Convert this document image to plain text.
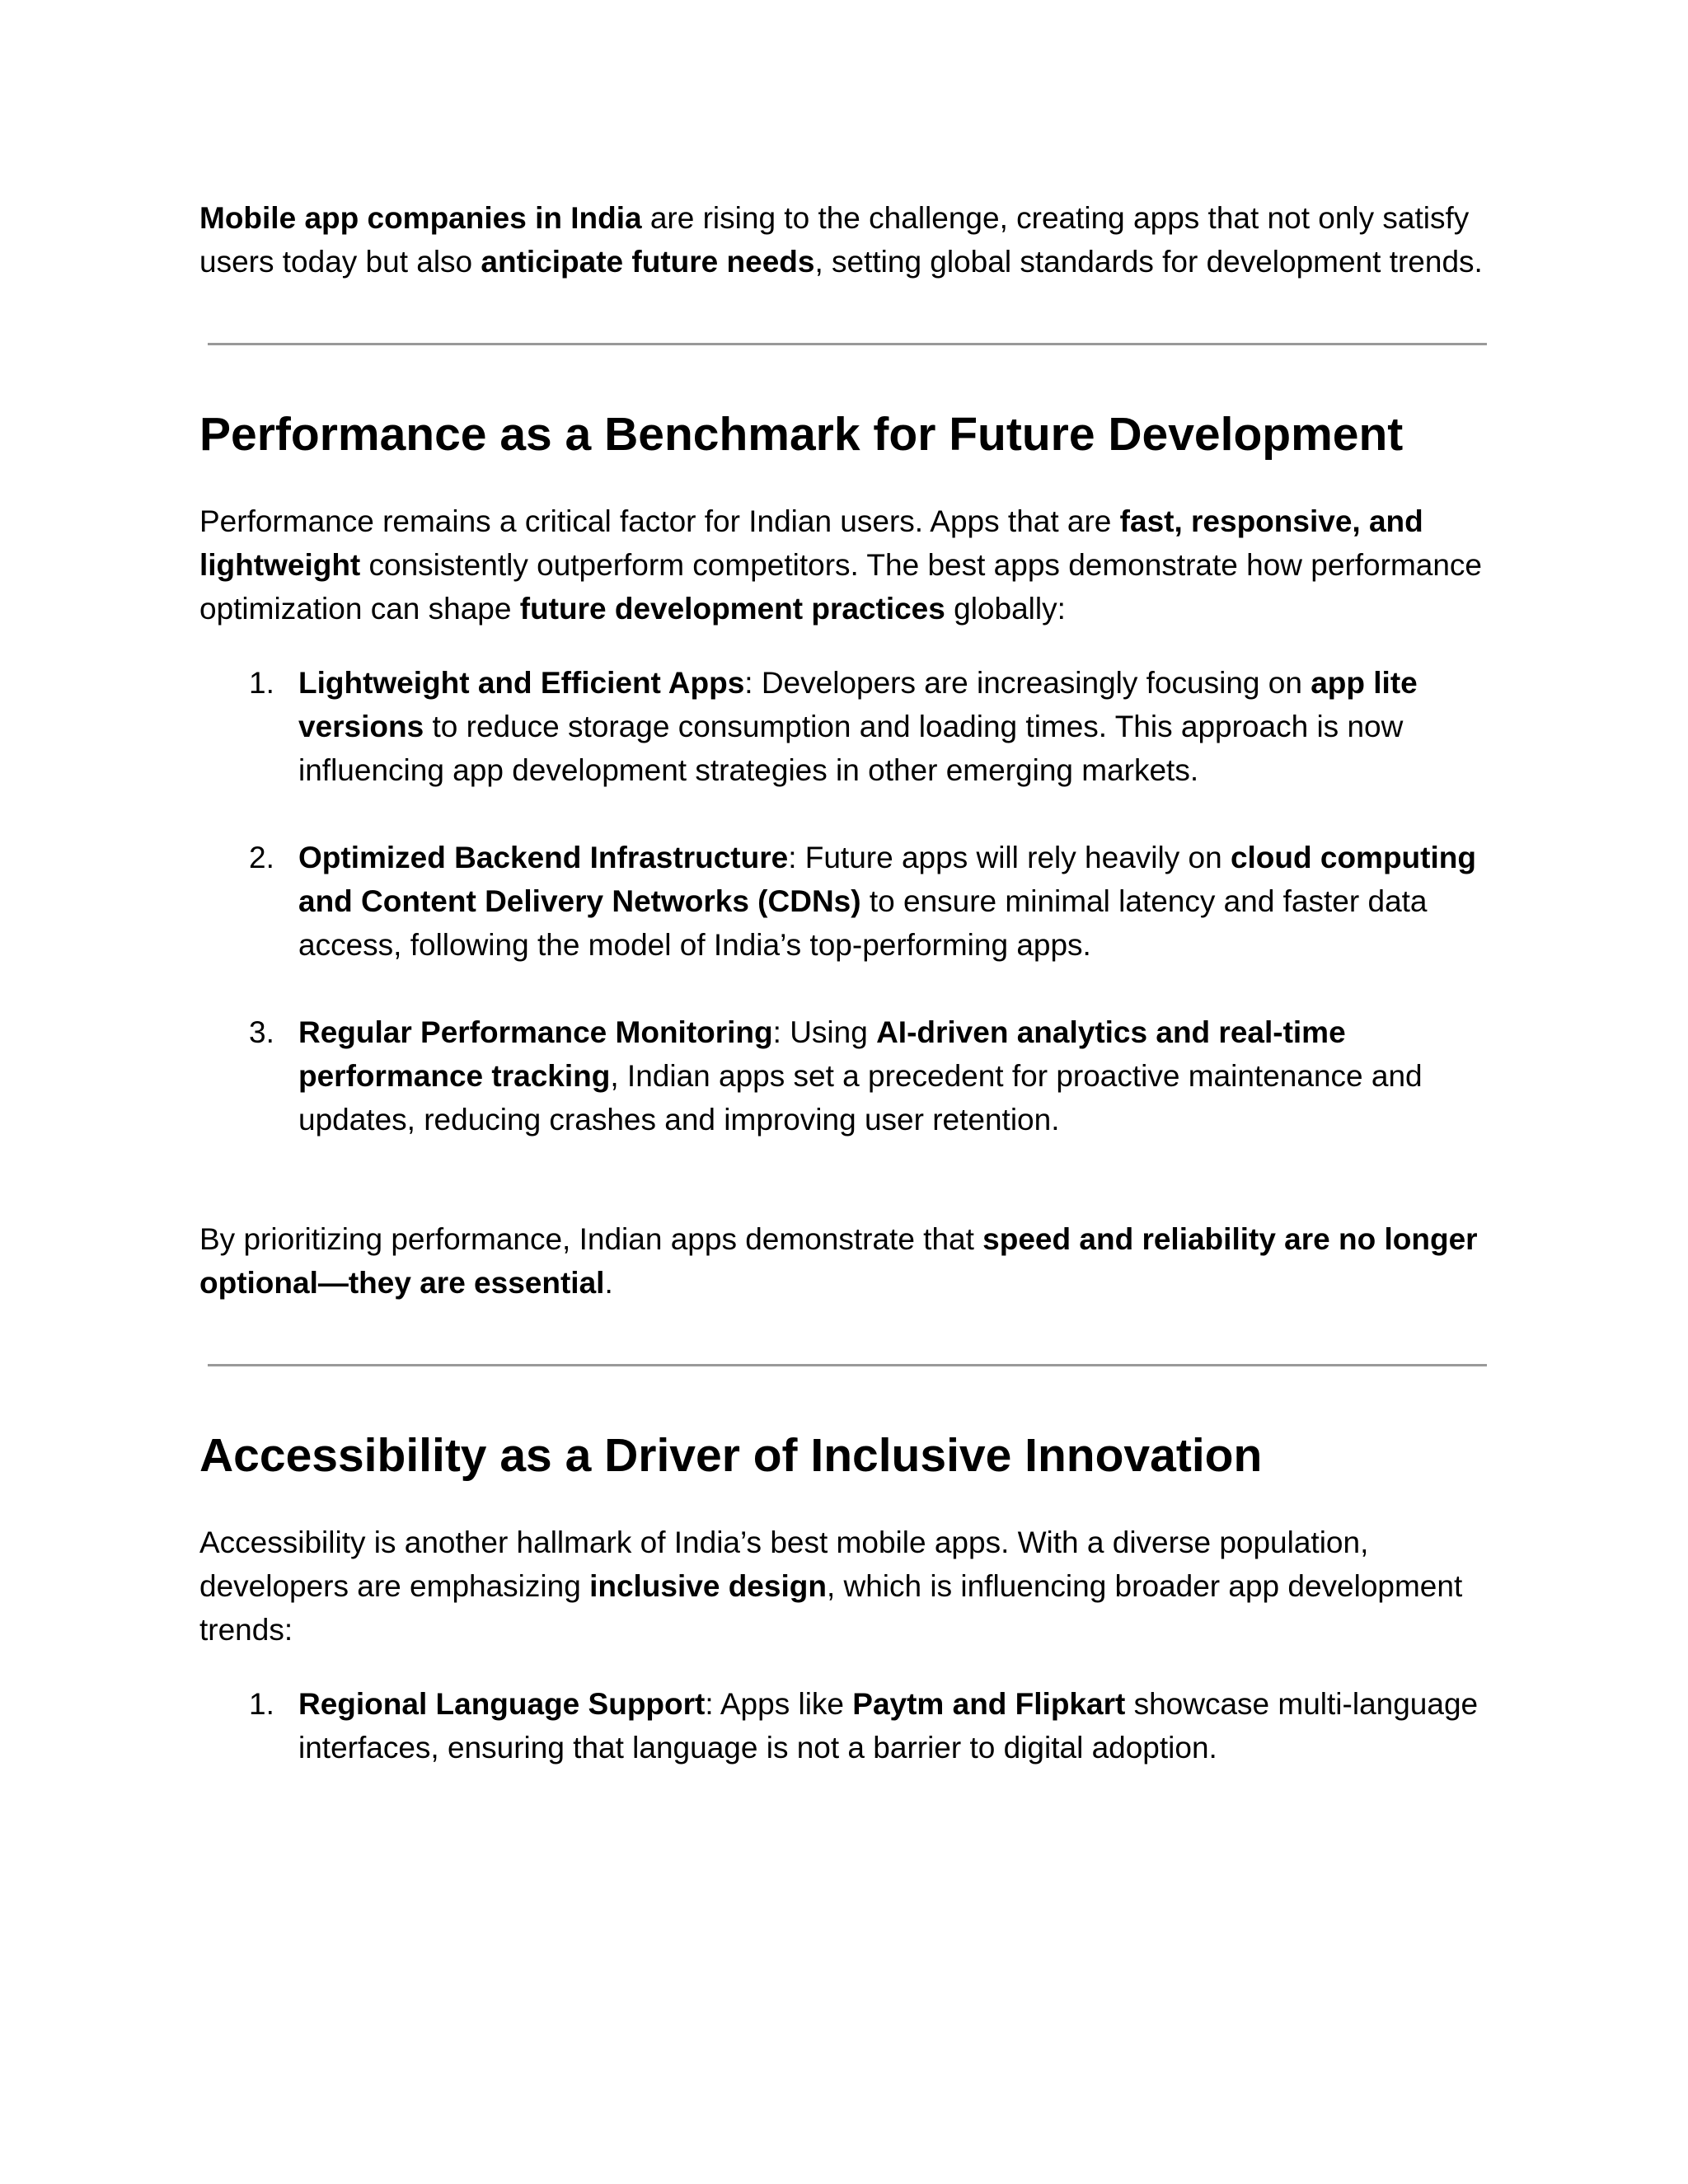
Mobile app companies in India are rising to the challenge, creating apps that not only satisfy users today but also anticipate future needs, setting global standards for development trends.

Performance as a Benchmark for Future Development

Performance remains a critical factor for Indian users. Apps that are fast, responsive, and lightweight consistently outperform competitors. The best apps demonstrate how performance optimization can shape future development practices globally:

1. Lightweight and Efficient Apps: Developers are increasingly focusing on app lite versions to reduce storage consumption and loading times. This approach is now influencing app development strategies in other emerging markets.
2. Optimized Backend Infrastructure: Future apps will rely heavily on cloud computing and Content Delivery Networks (CDNs) to ensure minimal latency and faster data access, following the model of India’s top-performing apps.
3. Regular Performance Monitoring: Using AI-driven analytics and real-time performance tracking, Indian apps set a precedent for proactive maintenance and updates, reducing crashes and improving user retention.

By prioritizing performance, Indian apps demonstrate that speed and reliability are no longer optional—they are essential.

Accessibility as a Driver of Inclusive Innovation

Accessibility is another hallmark of India’s best mobile apps. With a diverse population, developers are emphasizing inclusive design, which is influencing broader app development trends:

1. Regional Language Support: Apps like Paytm and Flipkart showcase multi-language interfaces, ensuring that language is not a barrier to digital adoption.
